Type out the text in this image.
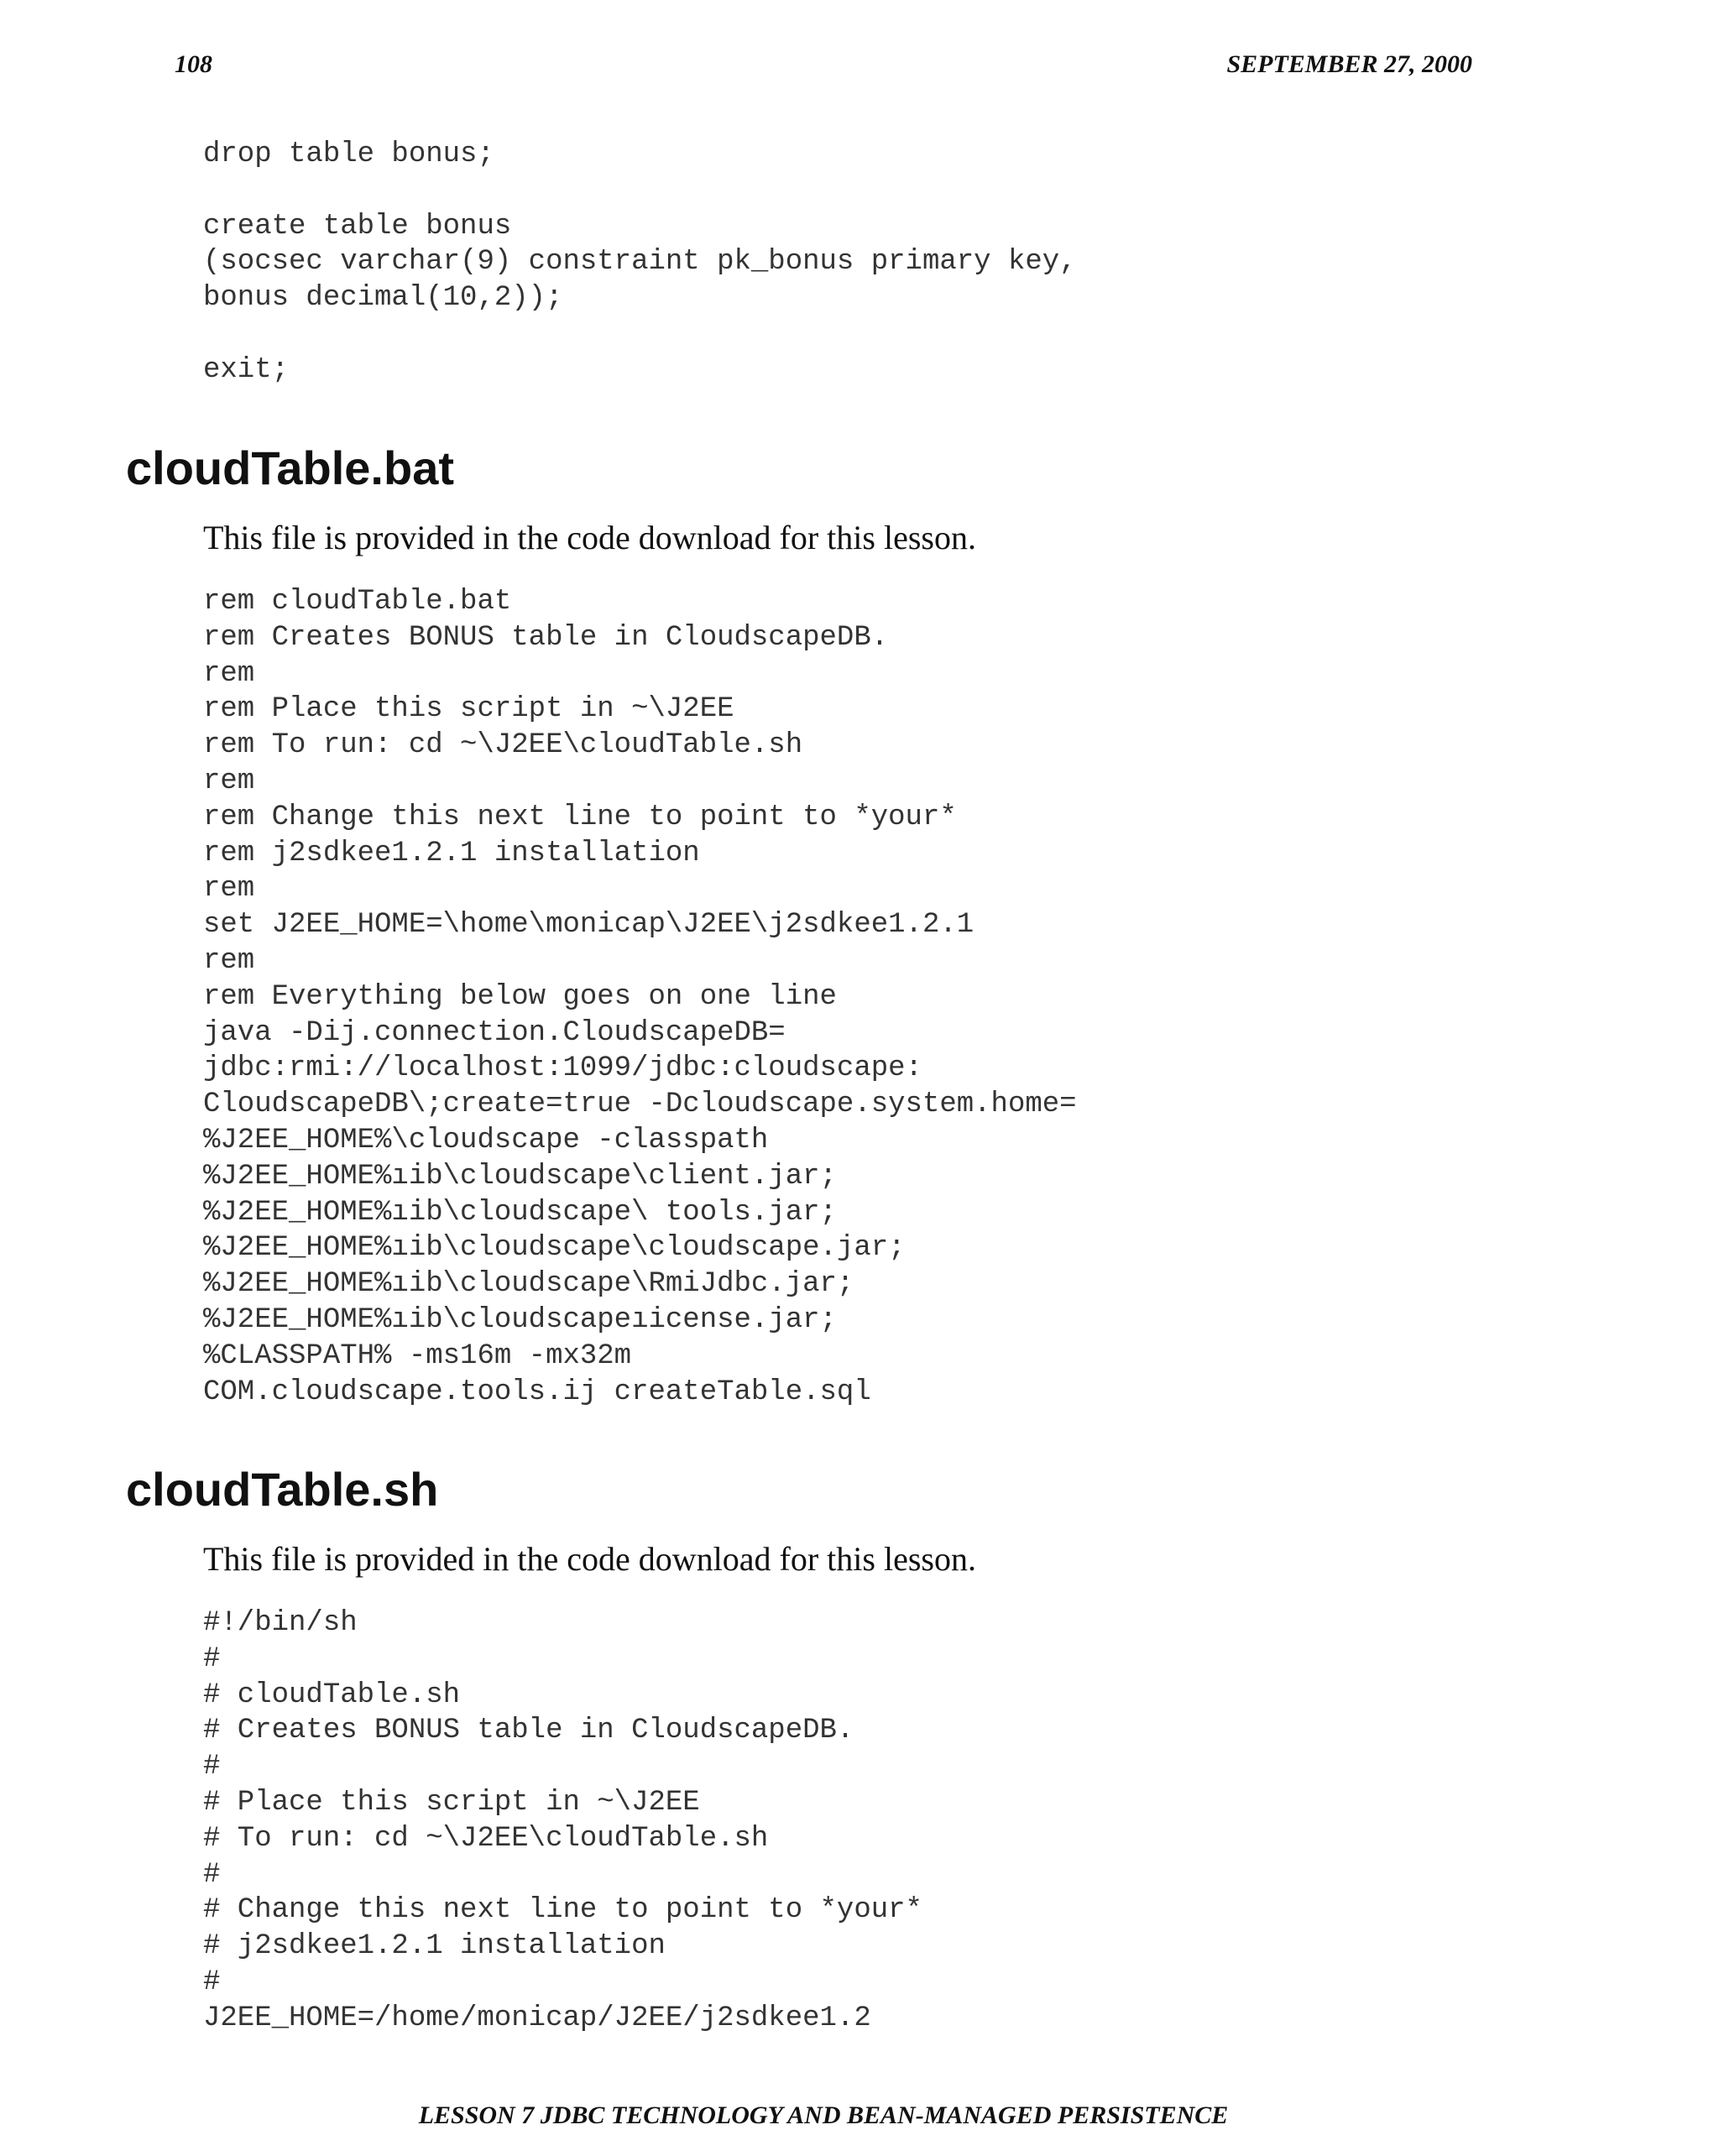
108	SEPTEMBER 27, 2000
drop table bonus;
create table bonus
(socsec varchar(9) constraint pk_bonus primary key,
bonus decimal(10,2));
exit;
cloudTable.bat

This file is provided in the code download for this lesson.

rem cloudTable.bat
rem Creates BONUS table in CloudscapeDB.
rem
rem Place this script in ~\J2EE
rem To run: cd ~\J2EE\cloudTable.sh
rem
rem Change this next line to point to *your*
rem j2sdkee1.2.1 installation
rem
set J2EE_HOME=\home\monicap\J2EE\j2sdkee1.2.1
rem
rem Everything below goes on one line
java -Dij.connection.CloudscapeDB=
jdbc:rmi://localhost:1099/jdbc:cloudscape:
CloudscapeDB\;create=true -Dcloudscape.system.home=
%J2EE_HOME%\cloudscape -classpath
%J2EE_HOME%ıib\cloudscape\client.jar;
%J2EE_HOME%ıib\cloudscape\ tools.jar;
%J2EE_HOME%ıib\cloudscape\cloudscape.jar;
%J2EE_HOME%ıib\cloudscape\RmiJdbc.jar;
%J2EE_HOME%ıib\cloudscapeıicense.jar;
%CLASSPATH% -ms16m -mx32m
COM.cloudscape.tools.ij createTable.sql
cloudTable.sh

This file is provided in the code download for this lesson.

#!/bin/sh
#
# cloudTable.sh
# Creates BONUS table in CloudscapeDB.
#
# Place this script in ~\J2EE
# To run: cd ~\J2EE\cloudTable.sh
#
# Change this next line to point to *your*
# j2sdkee1.2.1 installation
#
J2EE_HOME=/home/monicap/J2EE/j2sdkee1.2
LESSON 7 JDBC TECHNOLOGY AND BEAN-MANAGED PERSISTENCE
